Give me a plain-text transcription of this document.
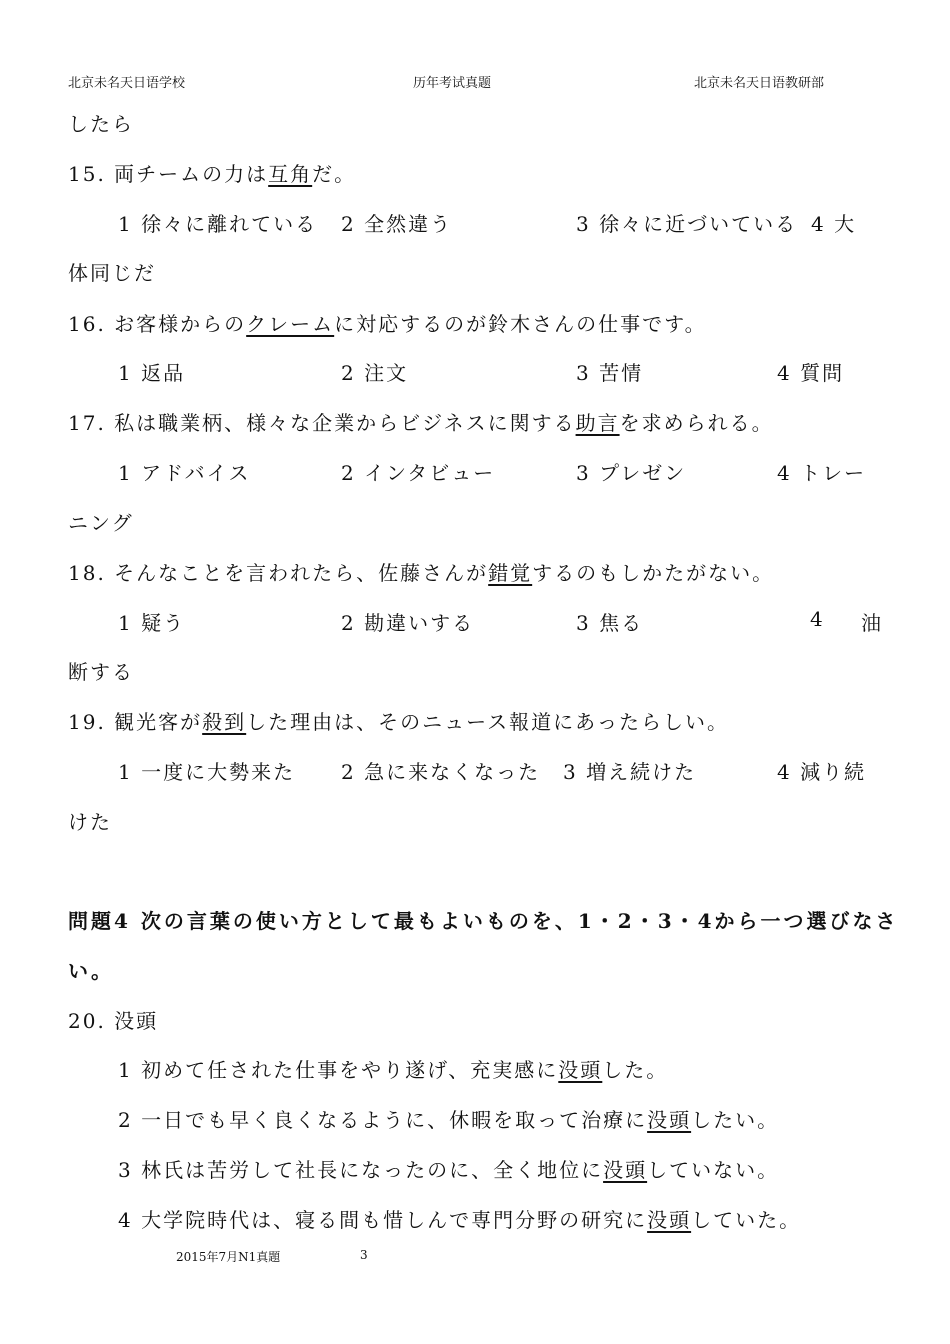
北京未名天日语学校	历年考试真题	北京未名天日语教研部
したら
15. 両チームの力は互角だ。
1 徐々に離れている 2 全然違う	3 徐々に近づいている 4 大
体同じだ
16. お客様からのクレームに対応するのが鈴木さんの仕事です。
1 返品	2 注文	3 苦情	4 質問
17. 私は職業柄、様々な企業からビジネスに関する助言を求められる。
1 アドバイス	2 インタビュー	3 プレゼン	4 トレー
ニング
18. そんなことを言われたら、佐藤さんが錯覚するのもしかたがない。
1 疑う	2 勘違いする	3 焦る	4 油
断する
19. 観光客が殺到した理由は、そのニュース報道にあったらしい。
1 一度に大勢来た 2 急に来なくなった 3 増え続けた	4 減り続
けた
問題4 次の言葉の使い方として最もよいものを、1・2・3・4から一つ選びなさ
い。
20. 没頭
1 初めて任された仕事をやり遂げ、充実感に没頭した。
2 一日でも早く良くなるように、休暇を取って治療に没頭したい。
3 林氏は苦労して社長になったのに、全く地位に没頭していない。
4 大学院時代は、寝る間も惜しんで専門分野の研究に没頭していた。
2015年7月N1真題	3
